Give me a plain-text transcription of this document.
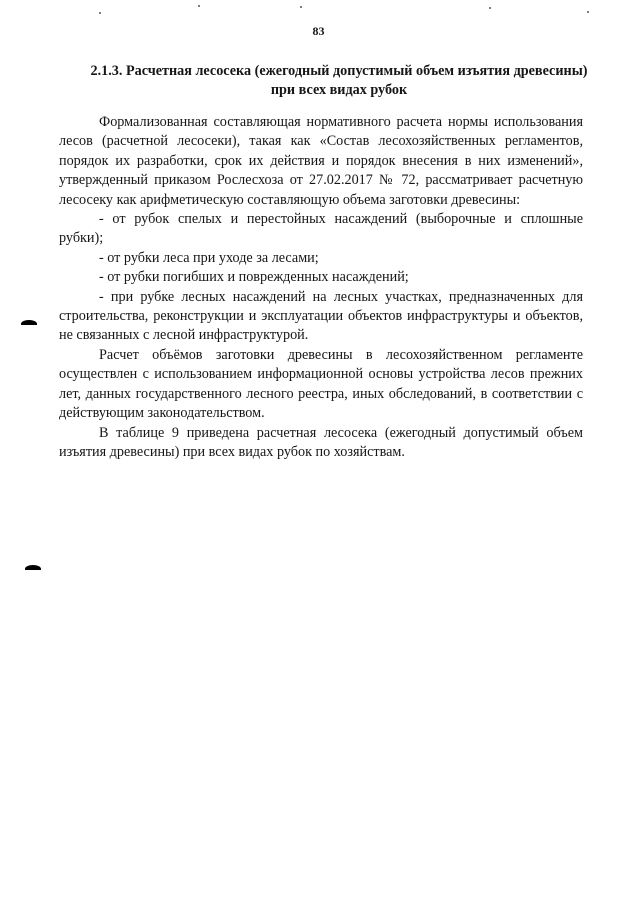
83
2.1.3. Расчетная лесосека (ежегодный допустимый объем изъятия древесины) при всех видах рубок

Формализованная составляющая нормативного расчета нормы использования лесов (расчетной лесосеки), такая как «Состав лесохозяйственных регламентов, порядок их разработки, срок их действия и порядок внесения в них изменений», утвержденный приказом Рослесхоза от 27.02.2017 № 72, рассматривает расчетную лесосеку как арифметическую составляющую объема заготовки древесины:

- от рубок спелых и перестойных насаждений (выборочные и сплошные рубки);

- от рубки леса при уходе за лесами;

- от рубки погибших и поврежденных насаждений;

- при рубке лесных насаждений на лесных участках, предназначенных для строительства, реконструкции и эксплуатации объектов инфраструктуры и объектов, не связанных с лесной инфраструктурой.

Расчет объёмов заготовки древесины в лесохозяйственном регламенте осуществлен с использованием информационной основы устройства лесов прежних лет, данных государственного лесного реестра, иных обследований, в соответствии с действующим законодательством.

В таблице 9 приведена расчетная лесосека (ежегодный допустимый объем изъятия древесины) при всех видах рубок по хозяйствам.
